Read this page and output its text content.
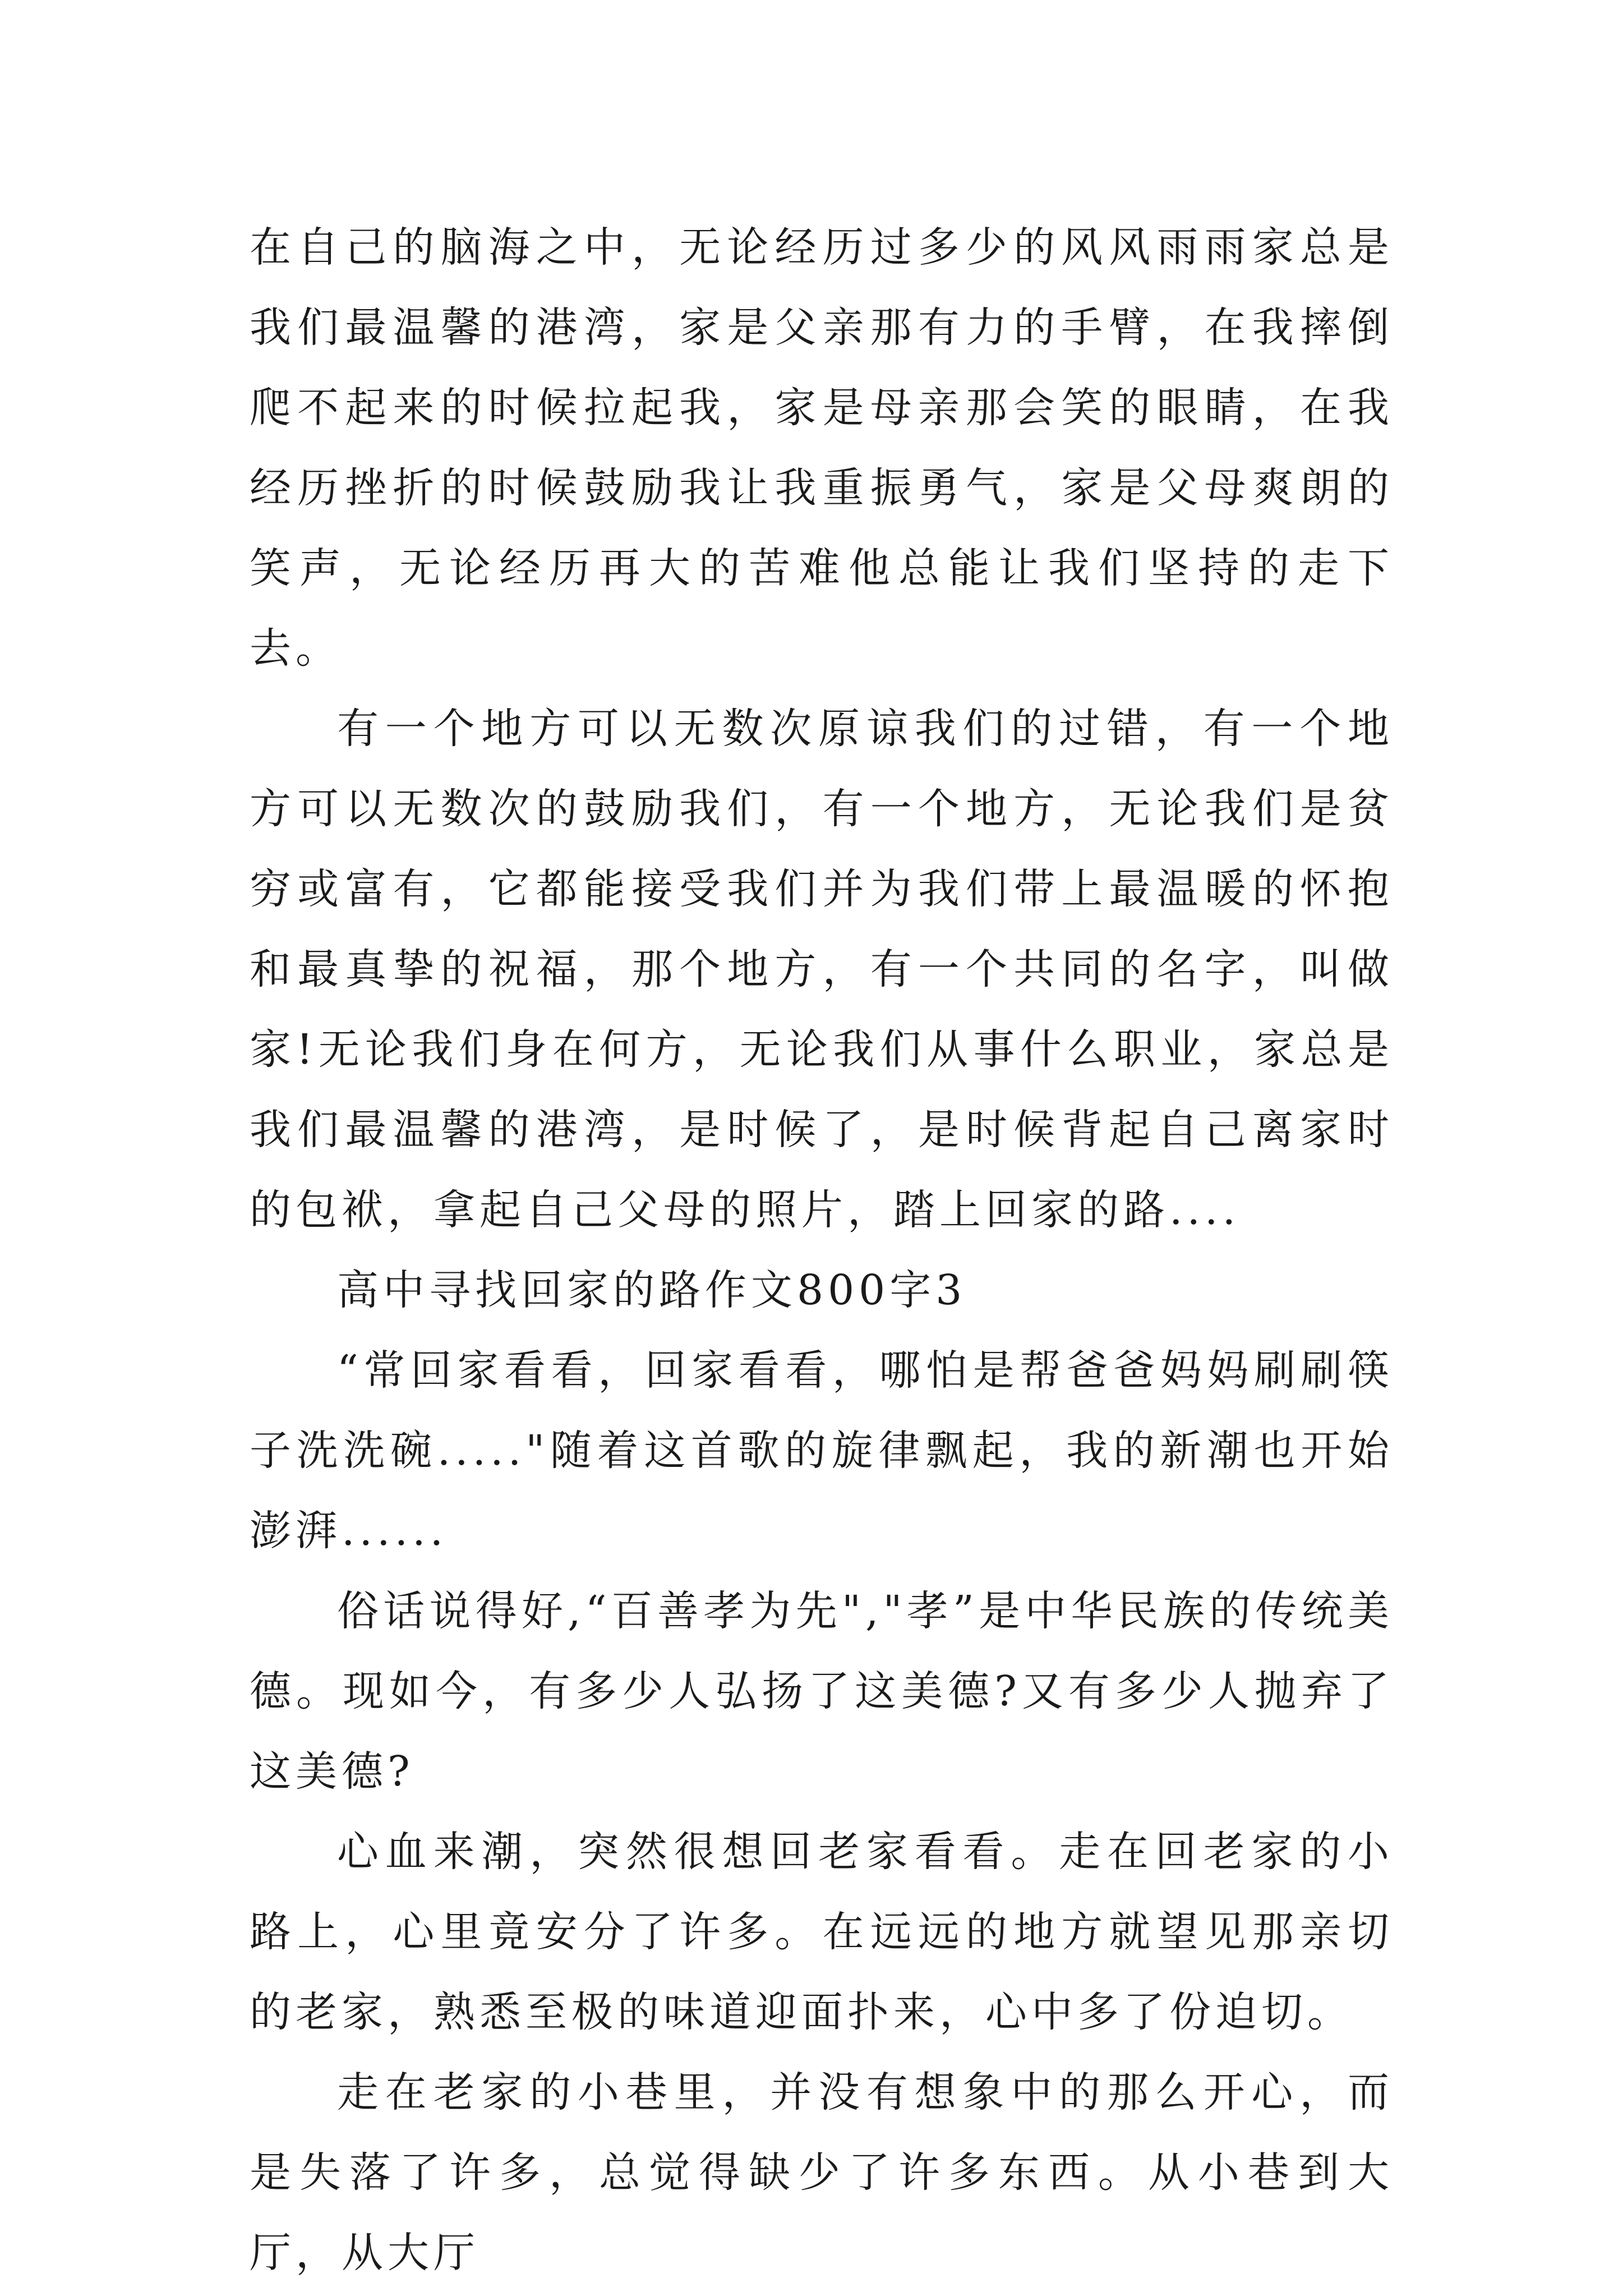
在自己的脑海之中，无论经历过多少的风风雨雨家总是我们最温馨的港湾，家是父亲那有力的手臂，在我摔倒爬不起来的时候拉起我，家是母亲那会笑的眼睛，在我经历挫折的时候鼓励我让我重振勇气，家是父母爽朗的笑声，无论经历再大的苦难他总能让我们坚持的走下去。

有一个地方可以无数次原谅我们的过错，有一个地方可以无数次的鼓励我们，有一个地方，无论我们是贫穷或富有，它都能接受我们并为我们带上最温暖的怀抱和最真挚的祝福，那个地方，有一个共同的名字，叫做家!无论我们身在何方，无论我们从事什么职业，家总是我们最温馨的港湾，是时候了，是时候背起自己离家时的包袱，拿起自己父母的照片，踏上回家的路....

高中寻找回家的路作文800字3

“常回家看看，回家看看，哪怕是帮爸爸妈妈刷刷筷子洗洗碗....."随着这首歌的旋律飘起，我的新潮也开始澎湃......

俗话说得好,“百善孝为先","孝”是中华民族的传统美德。现如今，有多少人弘扬了这美德?又有多少人抛弃了这美德?

心血来潮，突然很想回老家看看。走在回老家的小路上，心里竟安分了许多。在远远的地方就望见那亲切的老家，熟悉至极的味道迎面扑来，心中多了份迫切。

走在老家的小巷里，并没有想象中的那么开心，而是失落了许多，总觉得缺少了许多东西。从小巷到大厅，从大厅
